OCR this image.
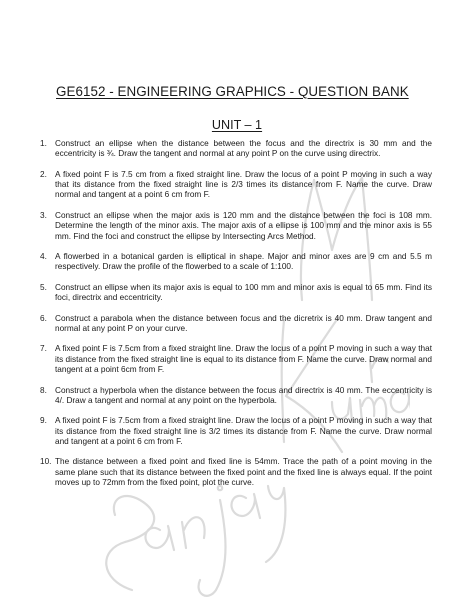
GE6152 - ENGINEERING GRAPHICS - QUESTION BANK
UNIT – 1
1. Construct an ellipse when the distance between the focus and the directrix is 30 mm and the eccentricity is ¾. Draw the tangent and normal at any point P on the curve using directrix.
2. A fixed point F is 7.5 cm from a fixed straight line. Draw the locus of a point P moving in such a way that its distance from the fixed straight line is 2/3 times its distance from F. Name the curve. Draw normal and tangent at a point 6 cm from F.
3. Construct an ellipse when the major axis is 120 mm and the distance between the foci is 108 mm. Determine the length of the minor axis. The major axis of a ellipse is 100 mm and the minor axis is 55 mm. Find the foci and construct the ellipse by Intersecting Arcs Method.
4. A flowerbed in a botanical garden is elliptical in shape. Major and minor axes are 9 cm and 5.5 m respectively. Draw the profile of the flowerbed to a scale of 1:100.
5. Construct an ellipse when its major axis is equal to 100 mm and minor axis is equal to 65 mm. Find its foci, directrix and eccentricity.
6. Construct a parabola when the distance between focus and the dicretrix is 40 mm. Draw tangent and normal at any point P on your curve.
7. A fixed point F is 7.5cm from a fixed straight line. Draw the locus of a point P moving in such a way that its distance from the fixed straight line is equal to its distance from F. Name the curve. Draw normal and tangent at a point 6cm from F.
8. Construct a hyperbola when the distance between the focus and directrix is 40 mm. The eccentricity is 4/. Draw a tangent and normal at any point on the hyperbola.
9. A fixed point F is 7.5cm from a fixed straight line. Draw the locus of a point P moving in such a way that its distance from the fixed straight line is 3/2 times its distance from F. Name the curve. Draw normal and tangent at a point 6 cm from F.
10. The distance between a fixed point and fixed line is 54mm. Trace the path of a point moving in the same plane such that its distance between the fixed point and the fixed line is always equal. If the point moves up to 72mm from the fixed point, plot the curve.
